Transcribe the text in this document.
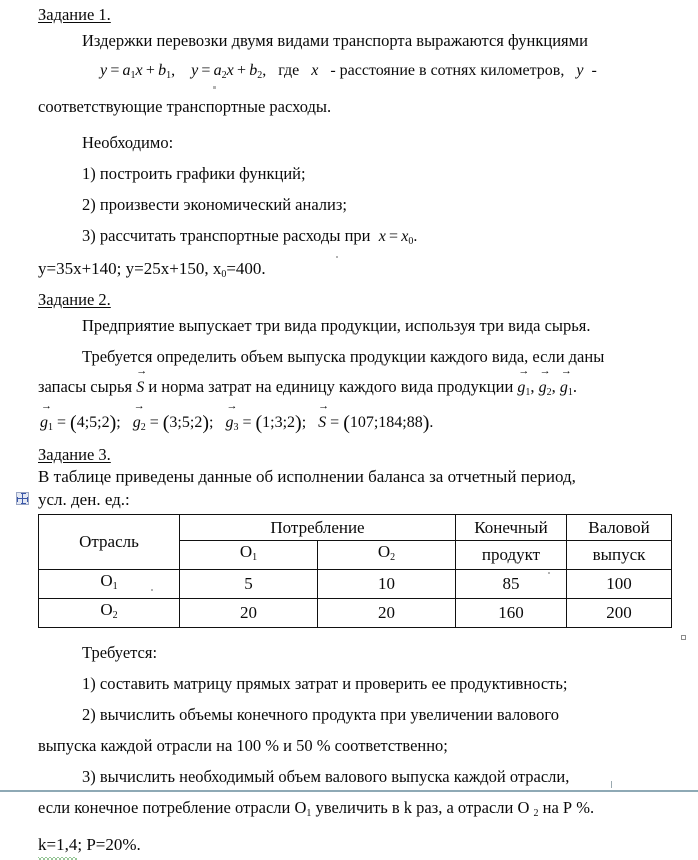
Задание 1.

Издержки перевозки двумя видами транспорта выражаются функциями

$y = a_1x + b_1$, $y = a_2x + b_2$, где x - расстояние в сотнях километров, y -

соответствующие транспортные расходы.

Необходимо:

1) построить графики функций;

2) произвести экономический анализ;

3) рассчитать транспортные расходы при $x = x_0$.

y=35x+140; y=25x+150, $x_0=400$.

Задание 2.

Предприятие выпускает три вида продукции, используя три вида сырья.

Требуется определить объем выпуска продукции каждого вида, если даны

запасы сырья
→
S и норма затрат на единицу каждого вида продукции
→
$g_1$,
→
$g_2$,
→
$g_1$.

→
$g_1$ = (4;5;2);
→
$g_2$ = (3;5;2);
→
$g_3$ = (1;3;2);
→
S = (107;184;88).

Задание 3.

В таблице приведены данные об исполнении баланса за отчетный период,

усл. ден. ед.:

Отрасль	Потребление		Конечный	Валовой
	$О_1$	$О_2$	продукт	выпуск
$О_1$	5	10	85	100
$О_2$	20	20	160	200

Требуется:

1) составить матрицу прямых затрат и проверить ее продуктивность;

2) вычислить объемы конечного продукта при увеличении валового

выпуска каждой отрасли на 100 % и 50 % соответственно;

3) вычислить необходимый объем валового выпуска каждой отрасли,

если конечное потребление отрасли $О_1$ увеличить в k раз, а отрасли О $_2$ на Р %.

k=1,4; P=20%.
